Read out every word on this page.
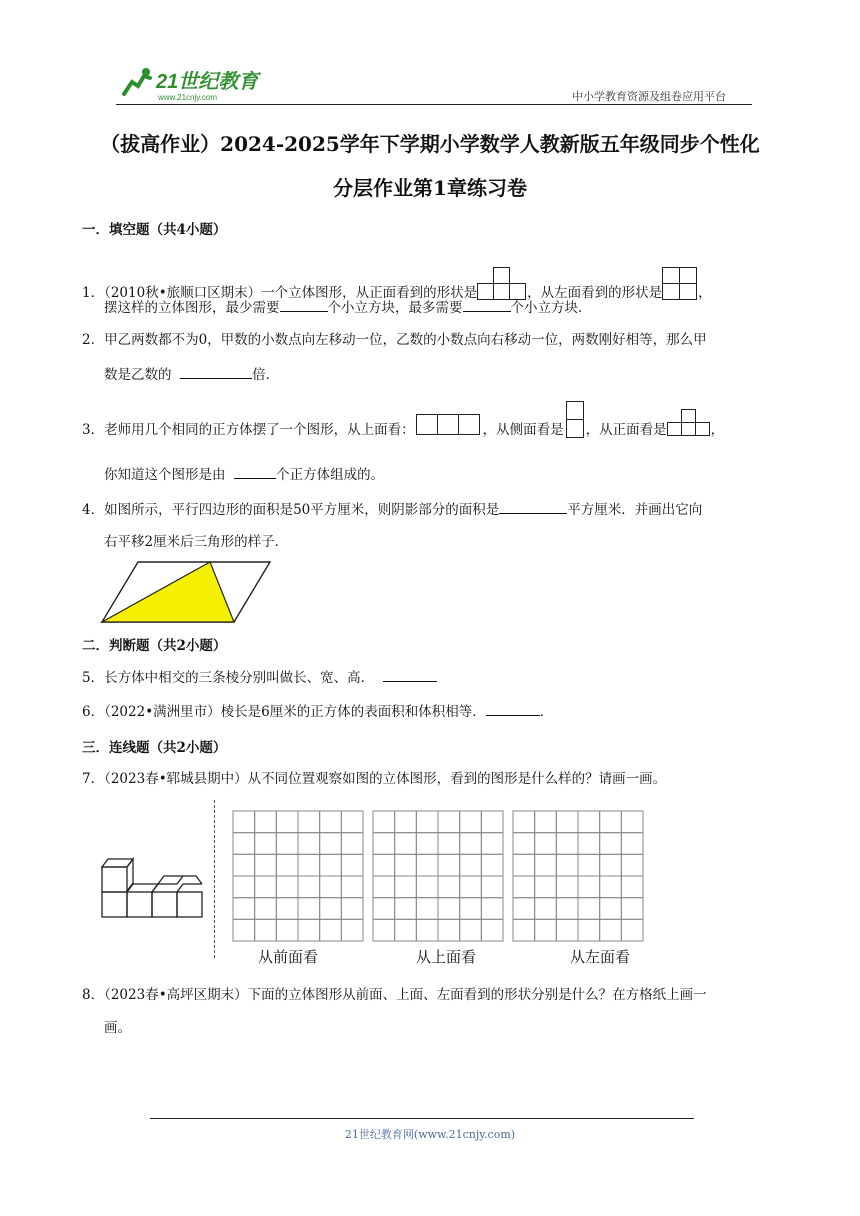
21世纪教育
www.21cnjy.com	中小学教育资源及组卷应用平台
（拔高作业）2024-2025学年下学期小学数学人教新版五年级同步个性化
分层作业第1章练习卷
一．填空题（共4小题）
1．（2010秋•旅顺口区期末）一个立体图形，从正面看到的形状是	，从左面看到的形状是	，
摆这样的立体图形，最少需要	个小立方块，最多需要	个小立方块．
2．甲乙两数都不为0，甲数的小数点向左移动一位，乙数的小数点向右移动一位，两数刚好相等，那么甲
数是乙数的	倍．
3．老师用几个相同的正方体摆了一个图形，从上面看：	，从侧面看是 ，从正面看是	，
你知道这个图形是由	个正方体组成的。
4．如图所示，平行四边形的面积是50平方厘米，则阴影部分的面积是	平方厘米．并画出它向
右平移2厘米后三角形的样子．
二．判断题（共2小题）
5．长方体中相交的三条棱分别叫做长、宽、高．
6．（2022•满洲里市）棱长是6厘米的正方体的表面积和体积相等．	．
三．连线题（共2小题）
7．（2023春•郓城县期中）从不同位置观察如图的立体图形，看到的图形是什么样的？请画一画。
从前面看	从上面看	从左面看
8．（2023春•高坪区期末）下面的立体图形从前面、上面、左面看到的形状分别是什么？在方格纸上画一
画。
21世纪教育网(www.21cnjy.com)
